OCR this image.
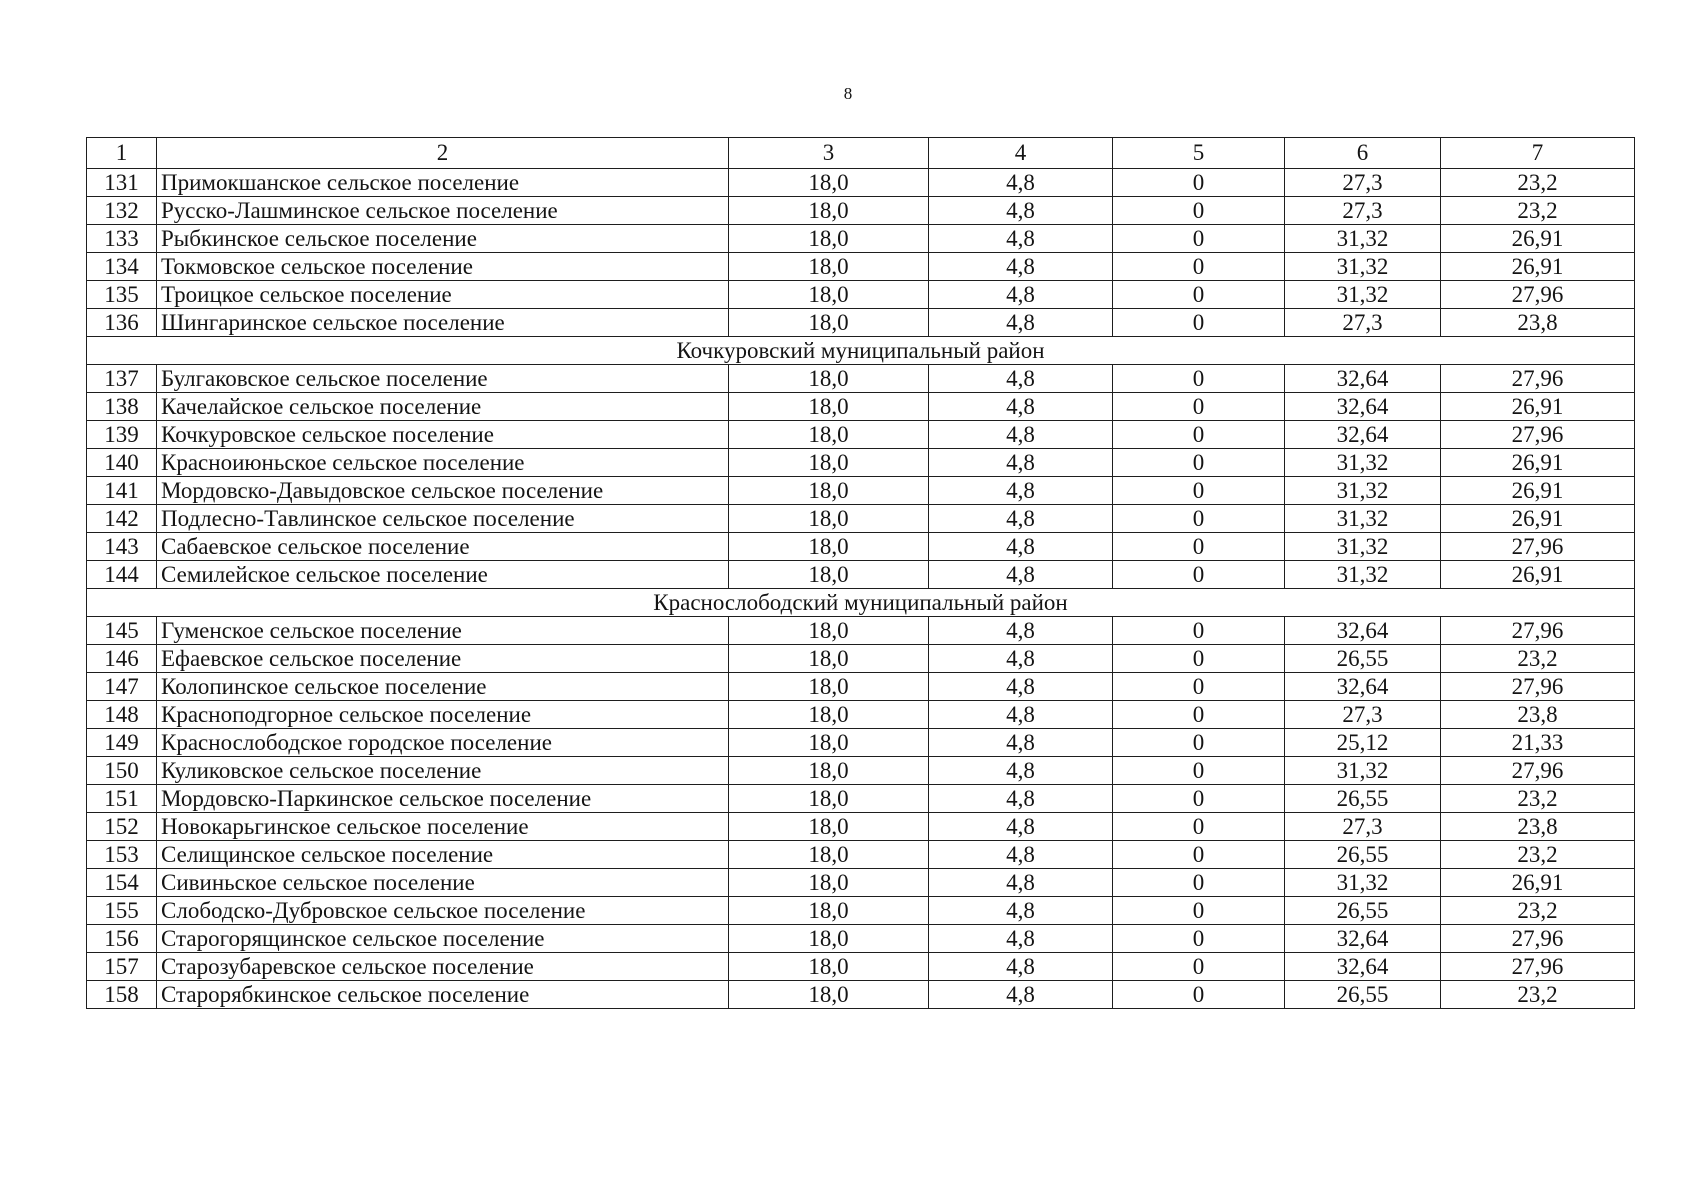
8
1	2	3	4	5	6	7
131	Примокшанское сельское поселение	18,0	4,8	0	27,3	23,2
132	Русско-Лашминское сельское поселение	18,0	4,8	0	27,3	23,2
133	Рыбкинское сельское поселение	18,0	4,8	0	31,32	26,91
134	Токмовское сельское поселение	18,0	4,8	0	31,32	26,91
135	Троицкое сельское поселение	18,0	4,8	0	31,32	27,96
136	Шингаринское сельское поселение	18,0	4,8	0	27,3	23,8
Кочкуровский муниципальный район						
137	Булгаковское сельское поселение	18,0	4,8	0	32,64	27,96
138	Качелайское сельское поселение	18,0	4,8	0	32,64	26,91
139	Кочкуровское сельское поселение	18,0	4,8	0	32,64	27,96
140	Красноиюньское сельское поселение	18,0	4,8	0	31,32	26,91
141	Мордовско-Давыдовское сельское поселение	18,0	4,8	0	31,32	26,91
142	Подлесно-Тавлинское сельское поселение	18,0	4,8	0	31,32	26,91
143	Сабаевское сельское поселение	18,0	4,8	0	31,32	27,96
144	Семилейское сельское поселение	18,0	4,8	0	31,32	26,91
Краснослободский муниципальный район						
145	Гуменское сельское поселение	18,0	4,8	0	32,64	27,96
146	Ефаевское сельское поселение	18,0	4,8	0	26,55	23,2
147	Колопинское сельское поселение	18,0	4,8	0	32,64	27,96
148	Красноподгорное сельское поселение	18,0	4,8	0	27,3	23,8
149	Краснослободское городское поселение	18,0	4,8	0	25,12	21,33
150	Куликовское сельское поселение	18,0	4,8	0	31,32	27,96
151	Мордовско-Паркинское сельское поселение	18,0	4,8	0	26,55	23,2
152	Новокарьгинское сельское поселение	18,0	4,8	0	27,3	23,8
153	Селищинское сельское поселение	18,0	4,8	0	26,55	23,2
154	Сивиньское сельское поселение	18,0	4,8	0	31,32	26,91
155	Слободско-Дубровское сельское поселение	18,0	4,8	0	26,55	23,2
156	Старогорящинское сельское поселение	18,0	4,8	0	32,64	27,96
157	Старозубаревское сельское поселение	18,0	4,8	0	32,64	27,96
158	Старорябкинское сельское поселение	18,0	4,8	0	26,55	23,2
